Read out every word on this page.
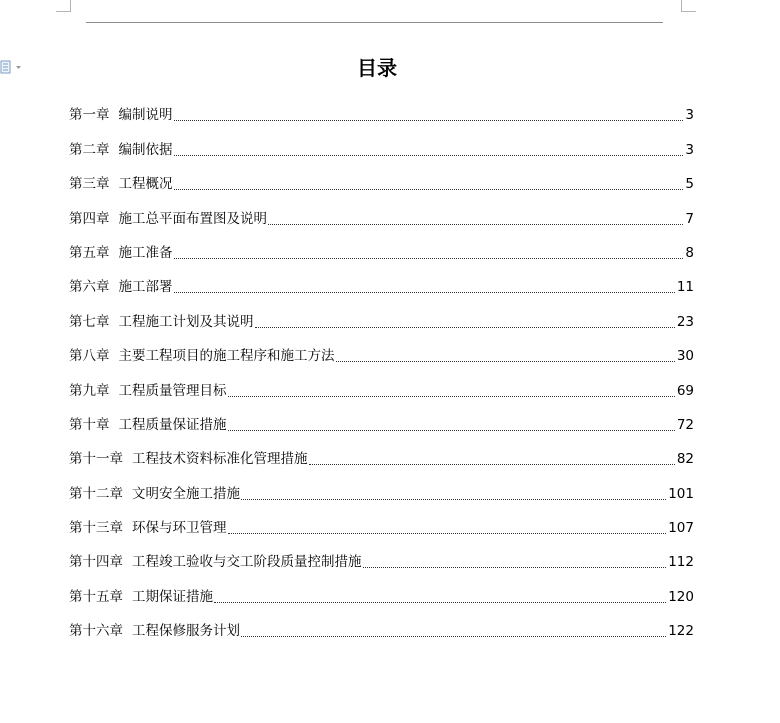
目录
第一章 编制说明	3
第二章 编制依据	3
第三章 工程概况	5
第四章 施工总平面布置图及说明	7
第五章 施工准备	8
第六章 施工部署	11
第七章 工程施工计划及其说明	23
第八章 主要工程项目的施工程序和施工方法	30
第九章 工程质量管理目标	69
第十章 工程质量保证措施	72
第十一章 工程技术资料标准化管理措施	82
第十二章 文明安全施工措施	101
第十三章 环保与环卫管理	107
第十四章 工程竣工验收与交工阶段质量控制措施	112
第十五章 工期保证措施	120
第十六章 工程保修服务计划	122
